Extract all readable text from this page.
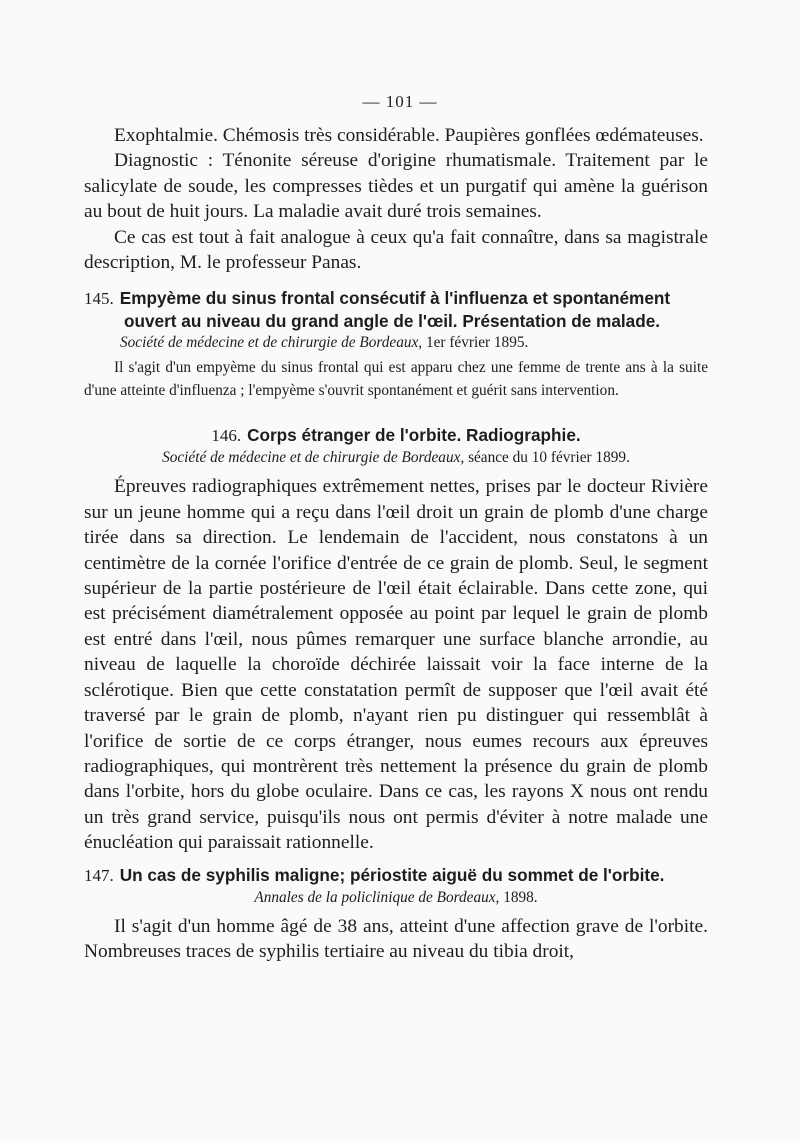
— 101 —

Exophtalmie. Chémosis très considérable. Paupières gonflées œdémateuses.

Diagnostic : Ténonite séreuse d'origine rhumatismale. Traitement par le salicylate de soude, les compresses tièdes et un purgatif qui amène la guérison au bout de huit jours. La maladie avait duré trois semaines.

Ce cas est tout à fait analogue à ceux qu'a fait connaître, dans sa magistrale description, M. le professeur Panas.

145. Empyème du sinus frontal consécutif à l'influenza et spontanément
ouvert au niveau du grand angle de l'œil. Présentation de malade.

Société de médecine et de chirurgie de Bordeaux, 1er février 1895.

Il s'agit d'un empyème du sinus frontal qui est apparu chez une femme de trente ans à la suite d'une atteinte d'influenza ; l'empyème s'ouvrit spontanément et guérit sans intervention.

146. Corps étranger de l'orbite. Radiographie.

Société de médecine et de chirurgie de Bordeaux, séance du 10 février 1899.

Épreuves radiographiques extrêmement nettes, prises par le docteur Rivière sur un jeune homme qui a reçu dans l'œil droit un grain de plomb d'une charge tirée dans sa direction. Le lendemain de l'accident, nous constatons à un centimètre de la cornée l'orifice d'entrée de ce grain de plomb. Seul, le segment supérieur de la partie postérieure de l'œil était éclairable. Dans cette zone, qui est précisément diamétralement opposée au point par lequel le grain de plomb est entré dans l'œil, nous pûmes remarquer une surface blanche arrondie, au niveau de laquelle la choroïde déchirée laissait voir la face interne de la sclérotique. Bien que cette constatation permît de supposer que l'œil avait été traversé par le grain de plomb, n'ayant rien pu distinguer qui ressemblât à l'orifice de sortie de ce corps étranger, nous eumes recours aux épreuves radiographiques, qui montrèrent très nettement la présence du grain de plomb dans l'orbite, hors du globe oculaire. Dans ce cas, les rayons X nous ont rendu un très grand service, puisqu'ils nous ont permis d'éviter à notre malade une énucléation qui paraissait rationnelle.

147. Un cas de syphilis maligne; périostite aiguë du sommet de l'orbite.

Annales de la policlinique de Bordeaux, 1898.

Il s'agit d'un homme âgé de 38 ans, atteint d'une affection grave de l'orbite. Nombreuses traces de syphilis tertiaire au niveau du tibia droit,
